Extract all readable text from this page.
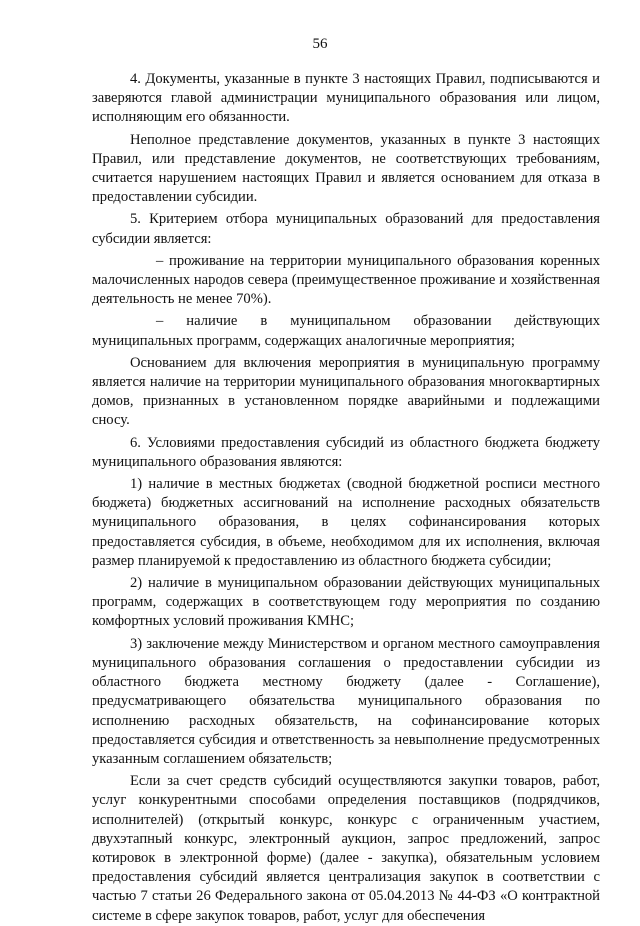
56

4. Документы, указанные в пункте 3 настоящих Правил, подписываются и заверяются главой администрации муниципального образования или лицом, исполняющим его обязанности.

Неполное представление документов, указанных в пункте 3 настоящих Правил, или представление документов, не соответствующих требованиям, считается нарушением настоящих Правил и является основанием для отказа в предоставлении субсидии.

5. Критерием отбора муниципальных образований для предоставления субсидии является:

– проживание на территории муниципального образования коренных малочисленных народов севера (преимущественное проживание и хозяйственная деятельность не менее 70%).

– наличие в муниципальном образовании действующих муниципальных программ, содержащих аналогичные мероприятия;

Основанием для включения мероприятия в муниципальную программу является наличие на территории муниципального образования многоквартирных домов, признанных в установленном порядке аварийными и подлежащими сносу.

6. Условиями предоставления субсидий из областного бюджета бюджету муниципального образования являются:

1) наличие в местных бюджетах (сводной бюджетной росписи местного бюджета) бюджетных ассигнований на исполнение расходных обязательств муниципального образования, в целях софинансирования которых предоставляется субсидия, в объеме, необходимом для их исполнения, включая размер планируемой к предоставлению из областного бюджета субсидии;

2) наличие в муниципальном образовании действующих муниципальных программ, содержащих в соответствующем году мероприятия по созданию комфортных условий проживания КМНС;

3) заключение между Министерством и органом местного самоуправления муниципального образования соглашения о предоставлении субсидии из областного бюджета местному бюджету (далее - Соглашение), предусматривающего обязательства муниципального образования по исполнению расходных обязательств, на софинансирование которых предоставляется субсидия и ответственность за невыполнение предусмотренных указанным соглашением обязательств;

Если за счет средств субсидий осуществляются закупки товаров, работ, услуг конкурентными способами определения поставщиков (подрядчиков, исполнителей) (открытый конкурс, конкурс с ограниченным участием, двухэтапный конкурс, электронный аукцион, запрос предложений, запрос котировок в электронной форме) (далее - закупка), обязательным условием предоставления субсидий является централизация закупок в соответствии с частью 7 статьи 26 Федерального закона от 05.04.2013 № 44-ФЗ «О контрактной системе в сфере закупок товаров, работ, услуг для обеспечения
